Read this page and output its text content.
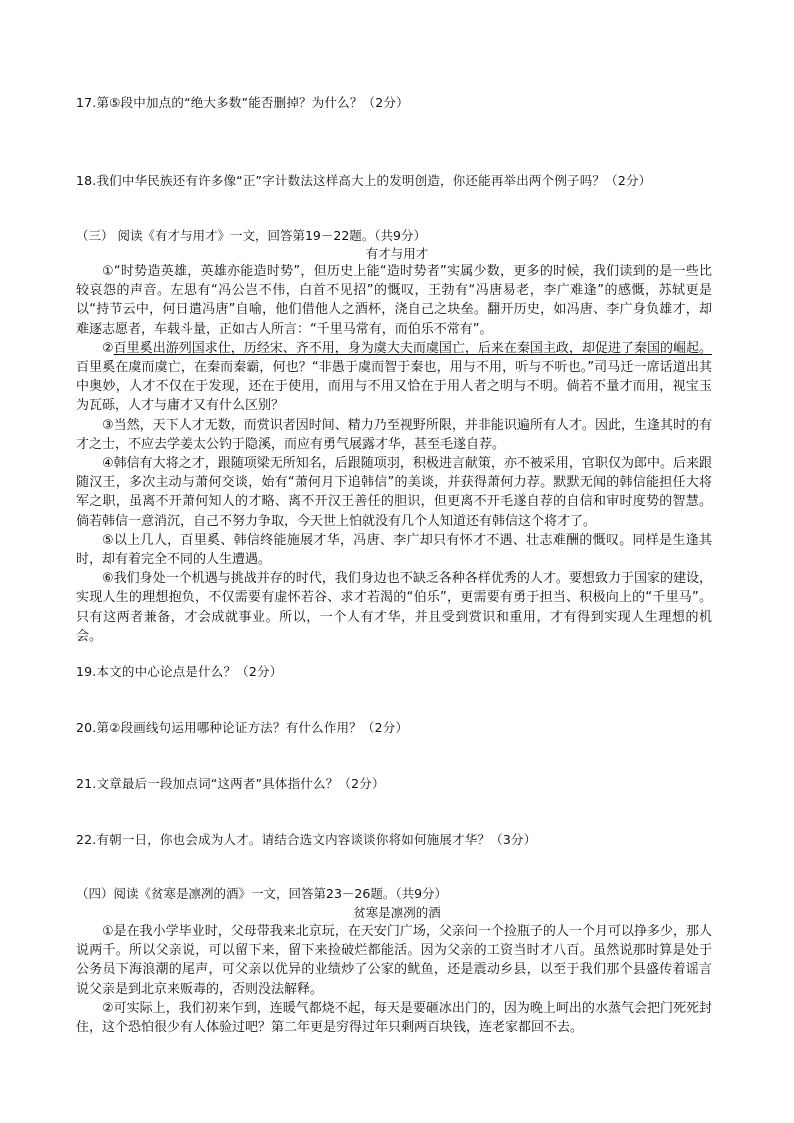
17.第⑤段中加点的“绝大多数”能否删掉？为什么？（2分）
18.我们中华民族还有许多像“正”字计数法这样高大上的发明创造，你还能再举出两个例子吗？（2分）
（三） 阅读《有才与用才》一文，回答第19－22题。（共9分）
有才与用才

①“时势造英雄，英雄亦能造时势”，但历史上能“造时势者”实属少数，更多的时候，我们读到的是一些比较哀怨的声音。左思有“冯公岂不伟，白首不见招”的慨叹，王勃有“冯唐易老，李广难逢”的感慨，苏轼更是以“持节云中，何日遣冯唐”自喻，他们借他人之酒杯，浇自己之块垒。翻开历史，如冯唐、李广身负雄才，却难逐志愿者，车载斗量，正如古人所言：“千里马常有，而伯乐不常有”。

②百里奚出游列国求仕，历经宋、齐不用，身为虞大夫而虞国亡，后来在秦国主政，却促进了秦国的崛起。百里奚在虞而虞亡，在秦而秦霸，何也？“非愚于虞而智于秦也，用与不用，听与不听也。”司马迁一席话道出其中奥妙，人才不仅在于发现，还在于使用，而用与不用又恰在于用人者之明与不明。倘若不量才而用，视宝玉为瓦砾，人才与庸才又有什么区别？

③当然，天下人才无数，而赏识者因时间、精力乃至视野所限，并非能识遍所有人才。因此，生逢其时的有才之士，不应去学姜太公钓于隐溪，而应有勇气展露才华，甚至毛遂自荐。

④韩信有大将之才，跟随项梁无所知名，后跟随项羽，积极进言献策，亦不被采用，官职仅为郎中。后来跟随汉王，多次主动与萧何交谈，始有“萧何月下追韩信”的美谈，并获得萧何力荐。默默无闻的韩信能担任大将军之职，虽离不开萧何知人的才略、离不开汉王善任的胆识，但更离不开毛遂自荐的自信和审时度势的智慧。倘若韩信一意消沉，自己不努力争取，今天世上怕就没有几个人知道还有韩信这个将才了。

⑤以上几人，百里奚、韩信终能施展才华，冯唐、李广却只有怀才不遇、壮志难酬的慨叹。同样是生逢其时，却有着完全不同的人生遭遇。

⑥我们身处一个机遇与挑战并存的时代，我们身边也不缺乏各种各样优秀的人才。要想致力于国家的建设，实现人生的理想抱负，不仅需要有虚怀若谷、求才若渴的“伯乐”，更需要有勇于担当、积极向上的“千里马”。只有这两者兼备，才会成就事业。所以，一个人有才华，并且受到赏识和重用，才有得到实现人生理想的机会。

19.本文的中心论点是什么？（2分）
20.第②段画线句运用哪种论证方法？有什么作用？（2分）
21.文章最后一段加点词“这两者”具体指什么？（2分）
22.有朝一日，你也会成为人才。请结合选文内容谈谈你将如何施展才华？（3分）
（四）阅读《贫寒是凛冽的酒》一文，回答第23－26题。（共9分）
贫寒是凛冽的酒

①是在我小学毕业时，父母带我来北京玩，在天安门广场，父亲问一个捡瓶子的人一个月可以挣多少，那人说两千。所以父亲说，可以留下来，留下来捡破烂都能活。因为父亲的工资当时才八百。虽然说那时算是处于公务员下海浪潮的尾声，可父亲以优异的业绩炒了公家的鱿鱼，还是震动乡县，以至于我们那个县盛传着谣言说父亲是到北京来贩毒的，否则没法解释。

②可实际上，我们初来乍到，连暖气都烧不起，每天是要砸冰出门的，因为晚上呵出的水蒸气会把门死死封住，这个恐怕很少有人体验过吧？第二年更是穷得过年只剩两百块钱，连老家都回不去。
